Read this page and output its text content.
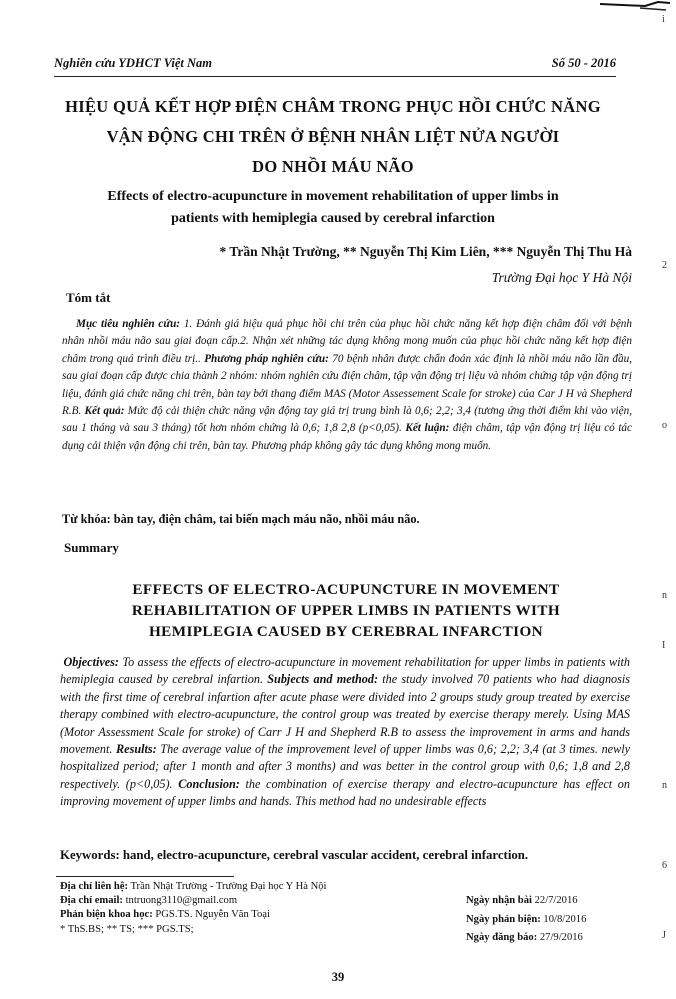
Nghiên cứu YDHCT Việt Nam	Số 50 - 2016
HIỆU QUẢ KẾT HỢP ĐIỆN CHÂM TRONG PHỤC HỒI CHỨC NĂNG
VẬN ĐỘNG CHI TRÊN Ở BỆNH NHÂN LIỆT NỬA NGƯỜI
DO NHỒI MÁU NÃO
Effects of electro-acupuncture in movement rehabilitation of upper limbs in
patients with hemiplegia caused by cerebral infarction
* Trần Nhật Trường, ** Nguyễn Thị Kim Liên, *** Nguyễn Thị Thu Hà
Trường Đại học Y Hà Nội
Tóm tắt
Mục tiêu nghiên cứu: 1. Đánh giá hiệu quả phục hồi chi trên của phục hồi chức năng kết hợp điện châm đối với bệnh nhân nhồi máu não sau giai đoạn cấp.2. Nhận xét những tác dụng không mong muốn của phục hồi chức năng kết hợp điện châm trong quá trình điều trị.. Phương pháp nghiên cứu: 70 bệnh nhân được chẩn đoán xác định là nhồi máu não lần đầu, sau giai đoạn cấp được chia thành 2 nhóm: nhóm nghiên cứu điện châm, tập vận động trị liệu và nhóm chứng tập vận động trị liệu, đánh giá chức năng chi trên, bàn tay bởi thang điểm MAS (Motor Assessement Scale for stroke) của Car J H và Shepherd R.B. Kết quả: Mức độ cải thiện chức năng vận động tay giá trị trung bình là 0,6; 2,2; 3,4 (tương ứng thời điểm khi vào viện, sau 1 tháng và sau 3 tháng) tốt hơn nhóm chứng là 0,6; 1,8 2,8 (p<0,05). Kết luận: điện châm, tập vận động trị liệu có tác dụng cải thiện vận động chi trên, bàn tay. Phương pháp không gây tác dụng không mong muốn.
Từ khóa: bàn tay, điện châm, tai biến mạch máu não, nhồi máu não.
Summary
EFFECTS OF ELECTRO-ACUPUNCTURE IN MOVEMENT
REHABILITATION OF UPPER LIMBS IN PATIENTS WITH
HEMIPLEGIA CAUSED BY CEREBRAL INFARCTION
Objectives: To assess the effects of electro-acupuncture in movement rehabilitation for upper limbs in patients with hemiplegia caused by cerebral infartion. Subjects and method: the study involved 70 patients who had diagnosis with the first time of cerebral infartion after acute phase were divided into 2 groups study group treated by exercise therapy combined with electro-acupuncture, the control group was treated by exercise therapy merely. Using MAS (Motor Assessment Scale for stroke) of Carr J H and Shepherd R.B to assess the improvement in arms and hands movement. Results: The average value of the improvement level of upper limbs was 0,6; 2,2; 3,4 (at 3 times. newly hospitalized period; after 1 month and after 3 months) and was better in the control group with 0,6; 1,8 and 2,8 respectively. (p<0,05). Conclusion: the combination of exercise therapy and electro-acupuncture has effect on improving movement of upper limbs and hands. This method had no undesirable effects
Keywords: hand, electro-acupuncture, cerebral vascular accident, cerebral infarction.
Địa chỉ liên hệ: Trần Nhật Trường - Trường Đại học Y Hà Nội
Địa chỉ email: tntruong3110@gmail.com
Phản biện khoa học: PGS.TS. Nguyễn Văn Toại
* ThS.BS; ** TS; *** PGS.TS;
Ngày nhận bài 22/7/2016
Ngày phản biện: 10/8/2016
Ngày đăng báo: 27/9/2016
39
i
2
o
n
I
n
6
J
